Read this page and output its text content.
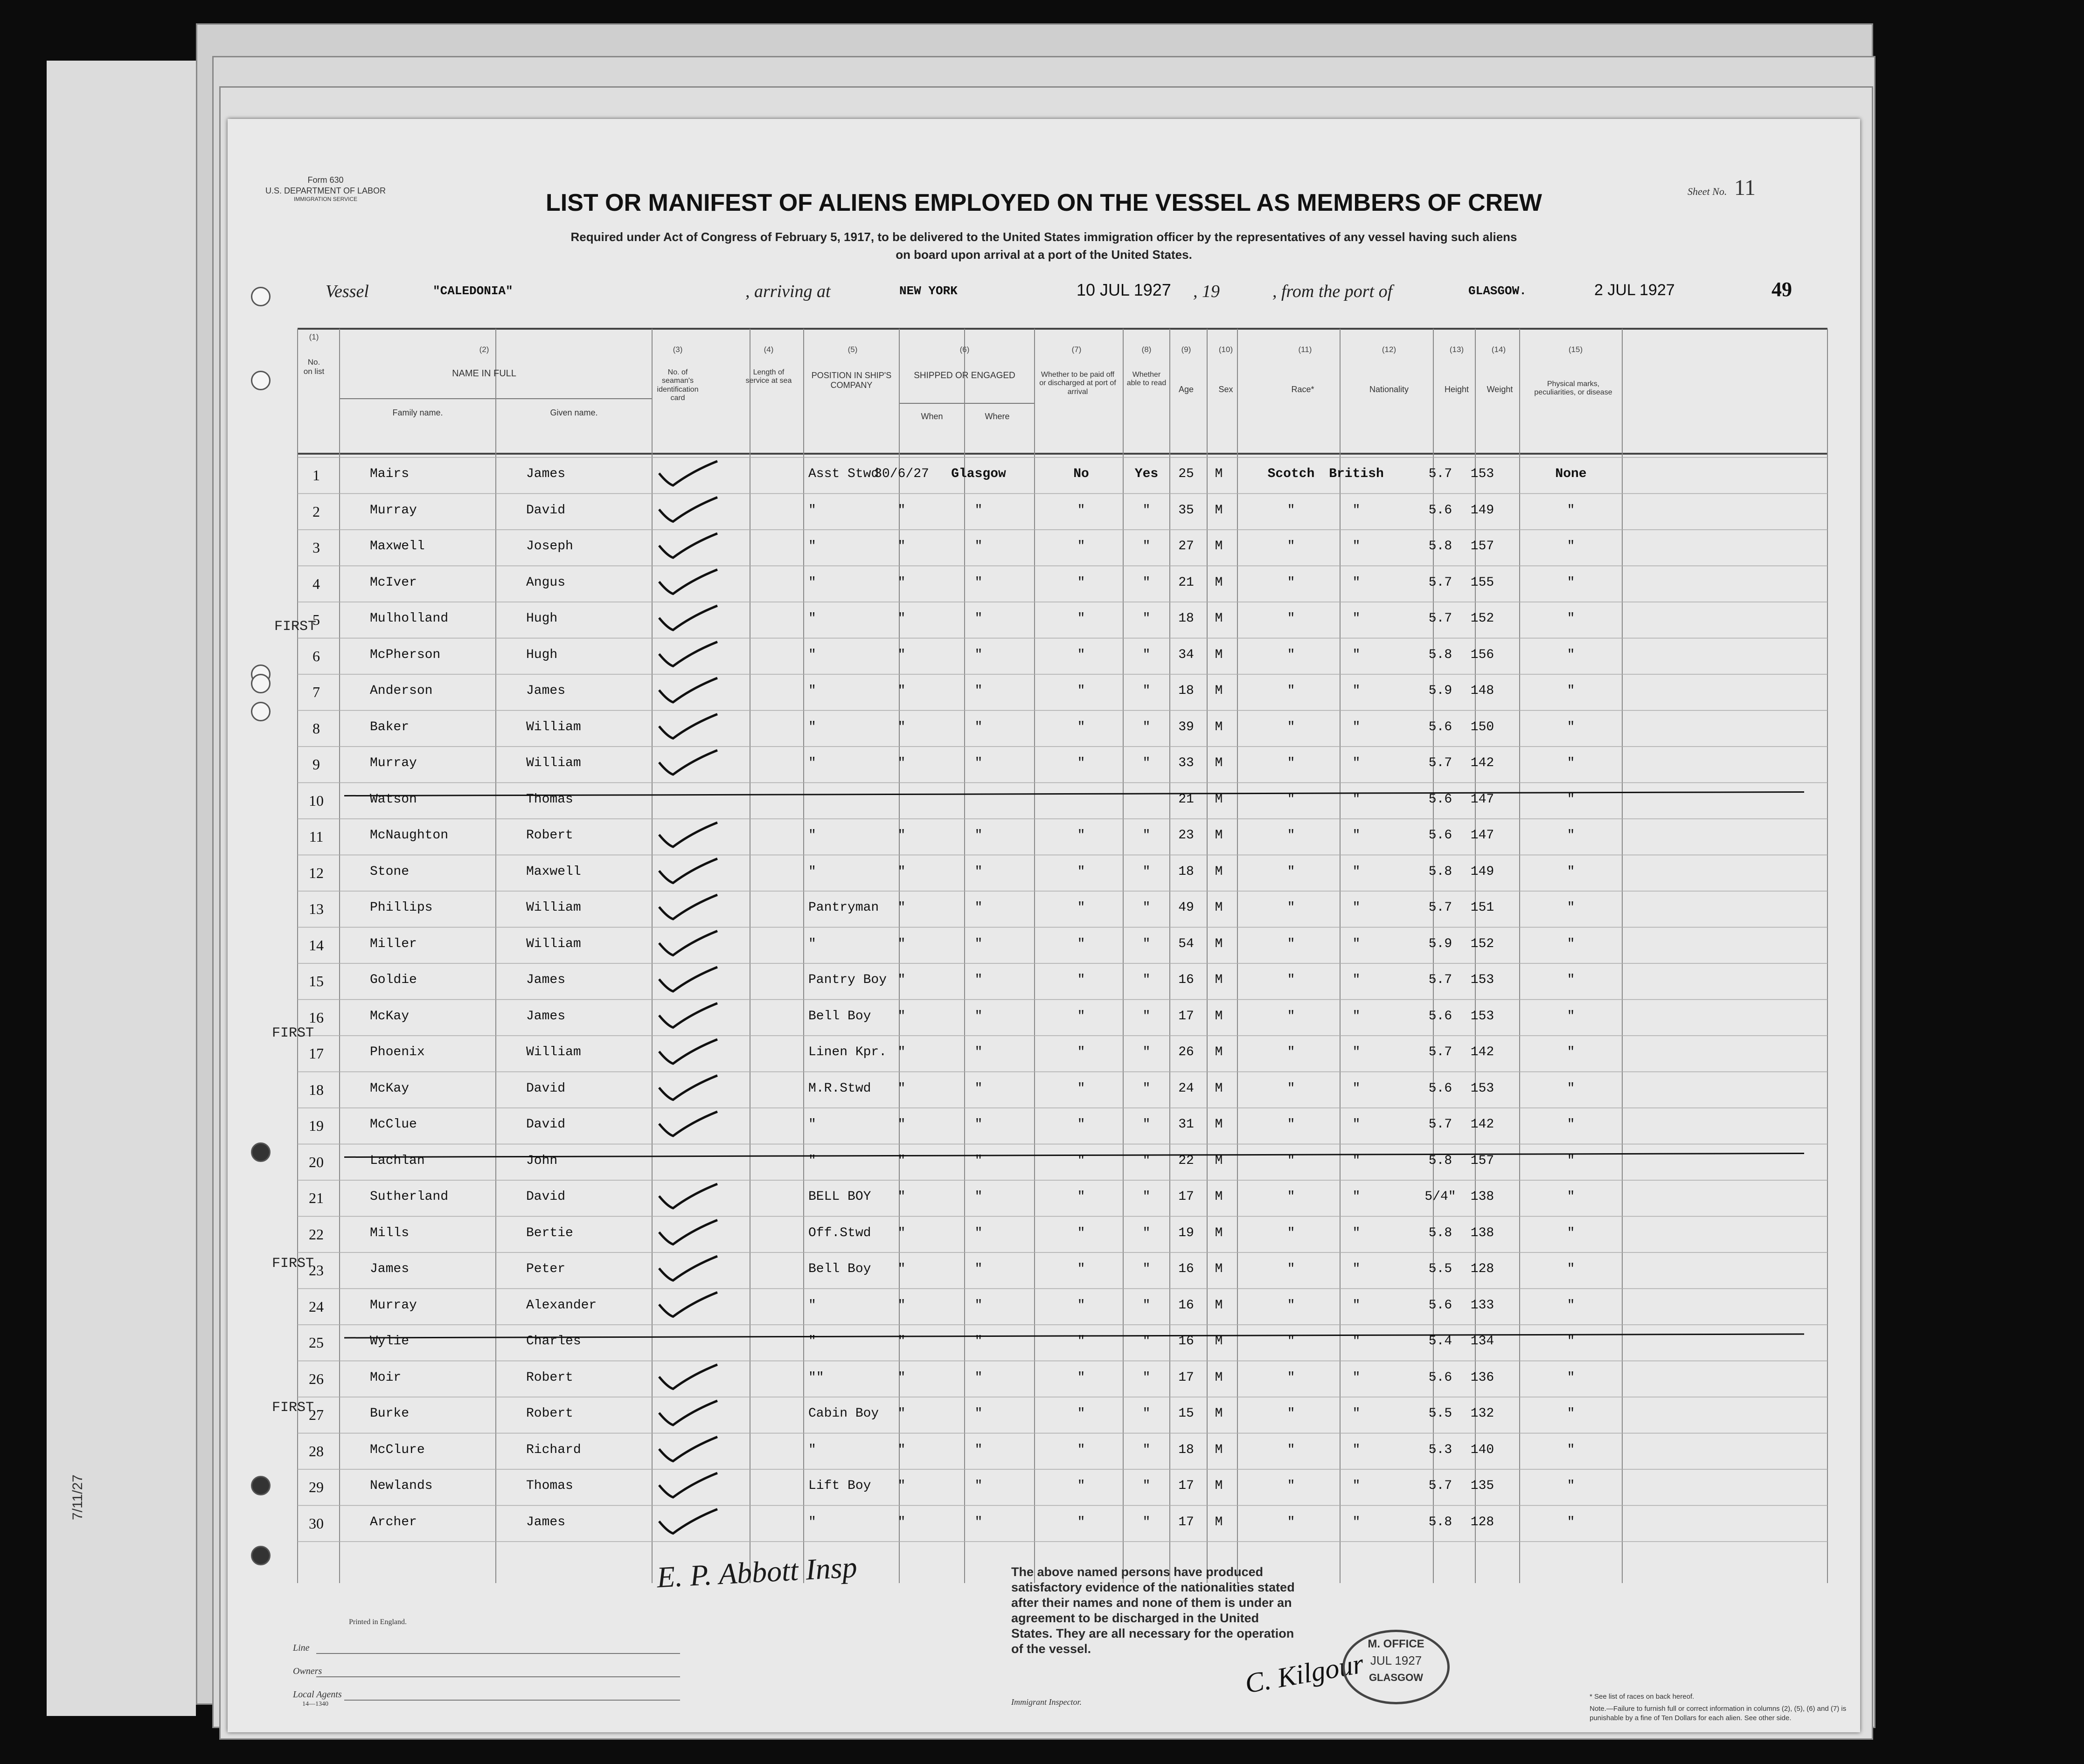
7/11/27
Form 630
U.S. DEPARTMENT OF LABOR
IMMIGRATION SERVICE
Sheet No. 11
LIST OR MANIFEST OF ALIENS EMPLOYED ON THE VESSEL AS MEMBERS OF CREW
Required under Act of Congress of February 5, 1917, to be delivered to the United States immigration officer by the representatives of any vessel having such aliens
on board upon arrival at a port of the United States.
Vessel	"CALEDONIA"	, arriving at	NEW YORK	10 JUL 1927 , 19	, from the port of	GLASGOW.	2 JUL 1927	49
(1)
No. on list
(2)
NAME IN FULL
Family name.	Given name.
(3)
No. of seaman's identification card
(4)
Length of service at sea
(5)
POSITION IN SHIP'S COMPANY
(6)
SHIPPED OR ENGAGED
When	Where
(7)
Whether to be paid off or discharged at port of arrival
(8)
Whether able to read
(9)
Age
(10)
Sex
(11)
Race*
(12)
Nationality
(13)
Height
(14)
Weight
(15)
Physical marks, peculiarities, or disease
1	Mairs	James	Asst Stwd
30/6/27	Glasgow	No	Yes	25	M	Scotch	British	5.7	153	None
2	Murray	David	"	"	"	"	"	35	M	"	"	5.6	149	"
3	Maxwell	Joseph	"	"	"	"	"	27	M	"	"	5.8	157	"
4	McIver	Angus	"	"	"	"	"	21	M	"	"	5.7	155	"
5	Mulholland	Hugh	"	"	"	"	"	18	M	"	"	5.7	152	"
6	McPherson	Hugh	"	"	"	"	"	34	M	"	"	5.8	156	"
7	Anderson	James	"	"	"	"	"	18	M	"	"	5.9	148	"
8	Baker	William	"	"	"	"	"	39	M	"	"	5.6	150	"
9	Murray	William	"	"	"	"	"	33	M	"	"	5.7	142	"
10	Watson	Thomas	21	M	"	"	5.6	147	"
11	McNaughton	Robert	"	"	"	"	"	23	M	"	"	5.6	147	"
12	Stone	Maxwell	"	"	"	"	"	18	M	"	"	5.8	149	"
13	Phillips	William	Pantryman	"	"	"	"	49	M	"	"	5.7	151	"
14	Miller	William	"	"	"	"	"	54	M	"	"	5.9	152	"
15	Goldie	James	Pantry Boy "	"	"	"	16	M	"	"	5.7	153	"
16	McKay	James	Bell Boy	"	"	"	"	17	M	"	"	5.6	153	"
17	Phoenix	William	Linen Kpr. "	"	"	"	26	M	"	"	5.7	142	"
18	McKay	David	M.R.Stwd	"	"	"	"	24	M	"	"	5.6	153	"
19	McClue	David	"	"	"	"	"	31	M	"	"	5.7	142	"
20	Lachlan	John	"	"	"	"	"	22	M	"	"	5.8	157	"
21	Sutherland	David	BELL BOY	"	"	"	"	17	M	"	"	5/4"	138	"
22	Mills	Bertie	Off.Stwd	"	"	"	"	19	M	"	"	5.8	138	"
23	James	Peter	Bell Boy	"	"	"	"	16	M	"	"	5.5	128	"
24	Murray	Alexander	"	"	"	"	"	16	M	"	"	5.6	133	"
25	Wylie	Charles	"	"	"	"	"	16	M	"	"	5.4	134	"
26	Moir	Robert	""	"	"	"	"	17	M	"	"	5.6	136	"
27	Burke	Robert	Cabin Boy	"	"	"	"	15	M	"	"	5.5	132	"
28	McClure	Richard	"	"	"	"	"	18	M	"	"	5.3	140	"
29	Newlands	Thomas	Lift Boy	"	"	"	"	17	M	"	"	5.7	135	"
30	Archer	James	"	"	"	"	"	17	M	"	"	5.8	128	"
FIRST
FIRST
FIRST
FIRST
Printed in England.
Line
Owners
Local Agents
14—1340	Immigrant Inspector.
E. P. Abbott Insp	The above named persons have produced satisfactory evidence of the nationalities stated after their names and none of them is under an agreement to be discharged in the United States. They are all necessary for the operation of the vessel.	C. Kilgour
M. OFFICE
JUL 1927
GLASGOW
* See list of races on back hereof.
Note.—Failure to furnish full or correct information in columns (2), (5), (6) and (7) is punishable by a fine of Ten Dollars for each alien. See other side.
